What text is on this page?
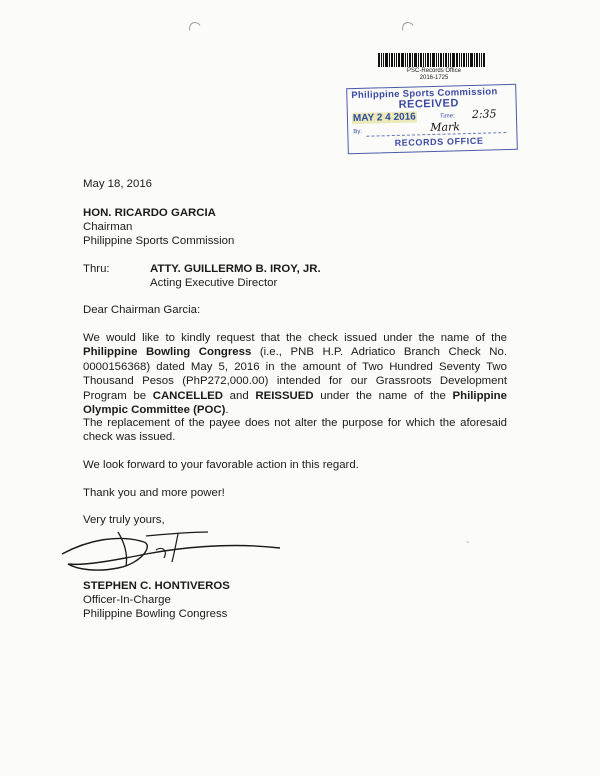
PSC-Records Office
2016-1725
Philippine Sports Commission
RECEIVED
MAY 2 4 2016	Time: 2:35
By:	Mark
RECORDS OFFICE
May 18, 2016
HON. RICARDO GARCIA
Chairman
Philippine Sports Commission
Thru:	ATTY. GUILLERMO B. IROY, JR.
Acting Executive Director
Dear Chairman Garcia:
We would like to kindly request that the check issued under the name of the Philippine Bowling Congress (i.e., PNB H.P. Adriatico Branch Check No. 0000156368) dated May 5, 2016 in the amount of Two Hundred Seventy Two Thousand Pesos (PhP272,000.00) intended for our Grassroots Development Program be CANCELLED and REISSUED under the name of the Philippine Olympic Committee (POC).
The replacement of the payee does not alter the purpose for which the aforesaid check was issued.
We look forward to your favorable action in this regard.
Thank you and more power!
Very truly yours,
STEPHEN C. HONTIVEROS
Officer-In-Charge
Philippine Bowling Congress
~
